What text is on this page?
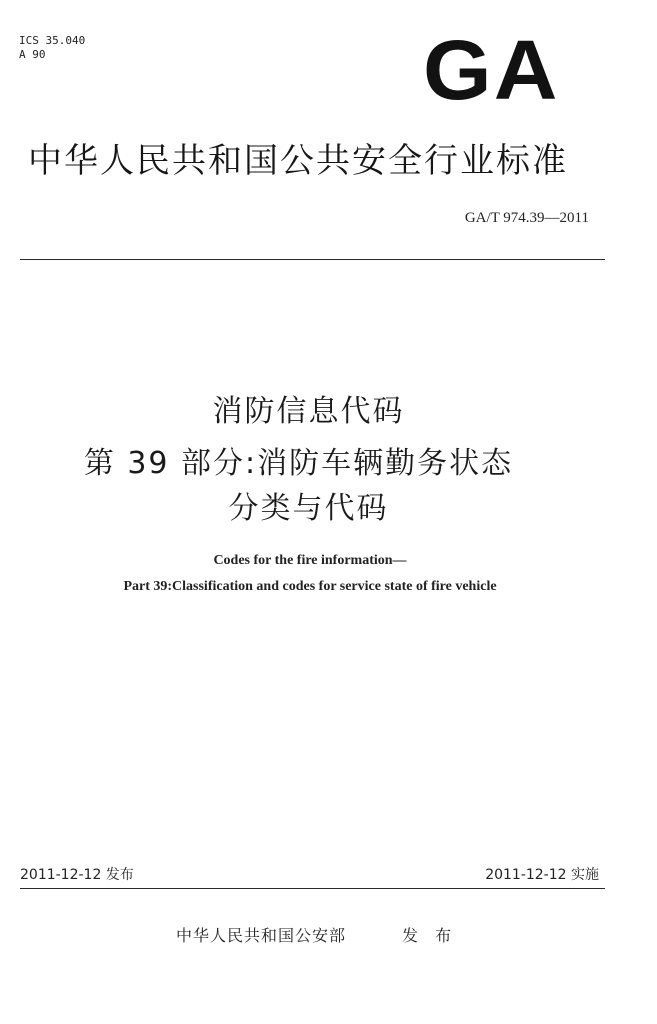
ICS 35.040
A 90	GA
中华人民共和国公共安全行业标准
GA/T 974.39—2011
消防信息代码
第 39 部分:消防车辆勤务状态
分类与代码
Codes for the fire information—
Part 39:Classification and codes for service state of fire vehicle
2011-12-12 发布	2011-12-12 实施
中华人民共和国公安部	发 布
